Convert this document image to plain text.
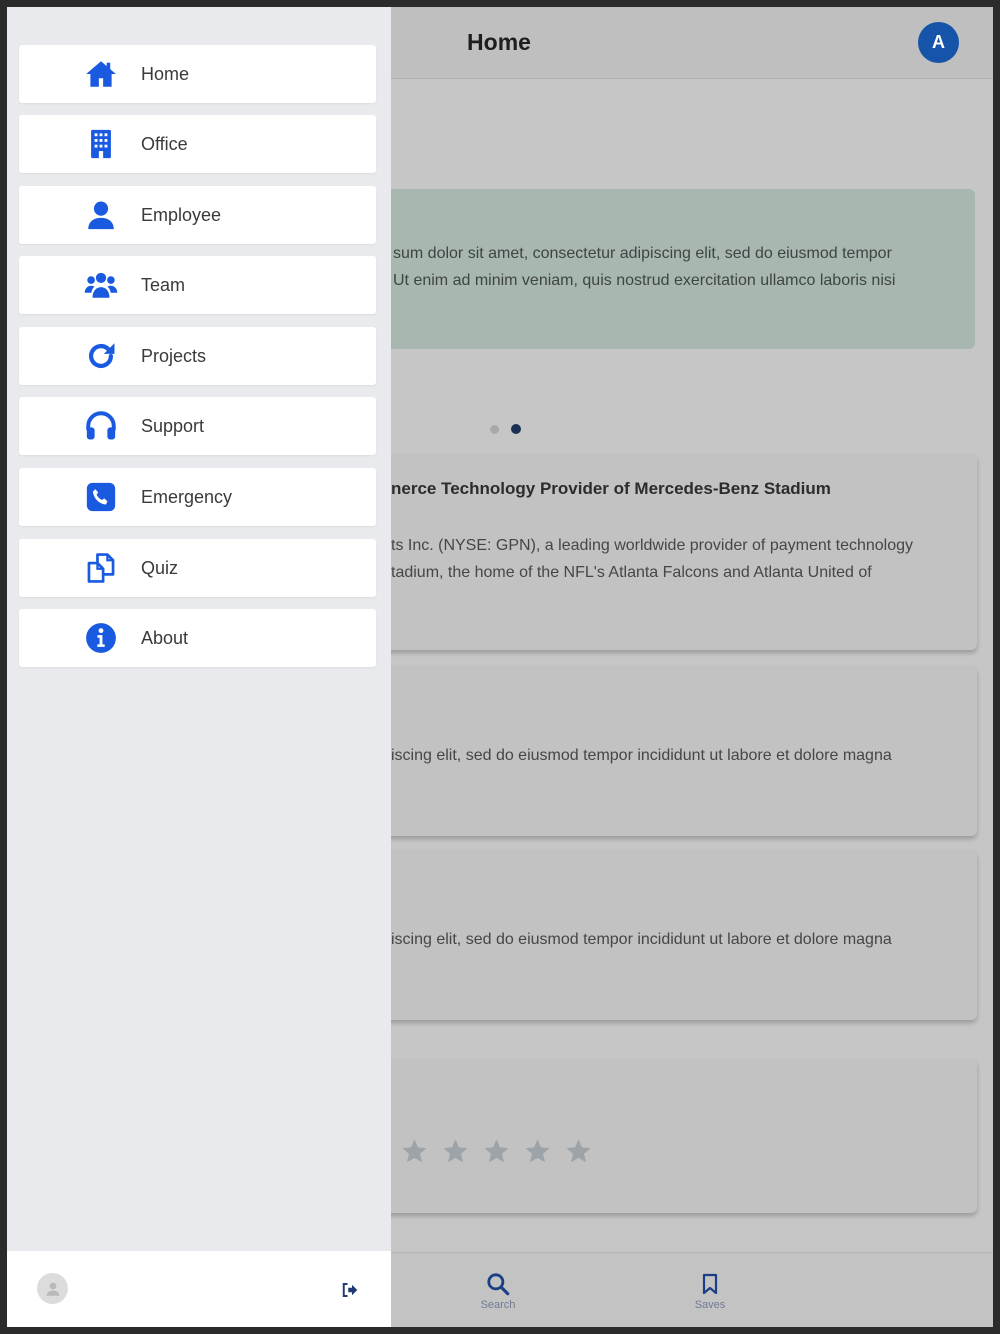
Home	A
sum dolor sit amet, consectetur adipiscing elit, sed do eiusmod tempor
Ut enim ad minim veniam, quis nostrud exercitation ullamco laboris nisi
nerce Technology Provider of Mercedes-Benz Stadium
ts Inc. (NYSE: GPN), a leading worldwide provider of payment technology
tadium, the home of the NFL's Atlanta Falcons and Atlanta United of
iscing elit, sed do eiusmod tempor incididunt ut labore et dolore magna
iscing elit, sed do eiusmod tempor incididunt ut labore et dolore magna
Search	Saves
Home
Office
Employee
Team
Projects
Support
Emergency
Quiz
About
